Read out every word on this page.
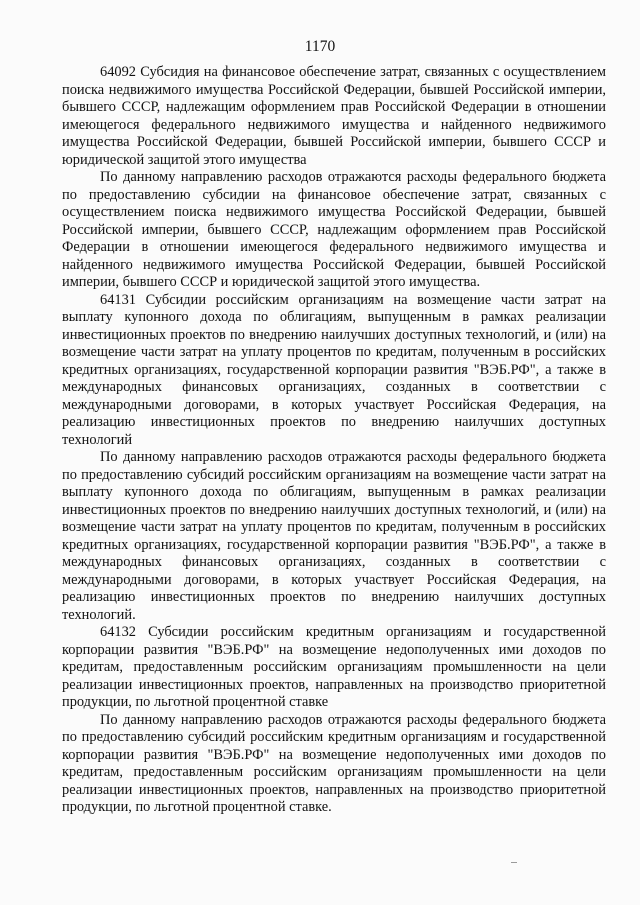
1170

64092 Субсидия на финансовое обеспечение затрат, связанных с осуществлением поиска недвижимого имущества Российской Федерации, бывшей Российской империи, бывшего СССР, надлежащим оформлением прав Российской Федерации в отношении имеющегося федерального недвижимого имущества и найденного недвижимого имущества Российской Федерации, бывшей Российской империи, бывшего СССР и юридической защитой этого имущества

По данному направлению расходов отражаются расходы федерального бюджета по предоставлению субсидии на финансовое обеспечение затрат, связанных с осуществлением поиска недвижимого имущества Российской Федерации, бывшей Российской империи, бывшего СССР, надлежащим оформлением прав Российской Федерации в отношении имеющегося федерального недвижимого имущества и найденного недвижимого имущества Российской Федерации, бывшей Российской империи, бывшего СССР и юридической защитой этого имущества.

64131 Субсидии российским организациям на возмещение части затрат на выплату купонного дохода по облигациям, выпущенным в рамках реализации инвестиционных проектов по внедрению наилучших доступных технологий, и (или) на возмещение части затрат на уплату процентов по кредитам, полученным в российских кредитных организациях, государственной корпорации развития "ВЭБ.РФ", а также в международных финансовых организациях, созданных в соответствии с международными договорами, в которых участвует Российская Федерация, на реализацию инвестиционных проектов по внедрению наилучших доступных технологий

По данному направлению расходов отражаются расходы федерального бюджета по предоставлению субсидий российским организациям на возмещение части затрат на выплату купонного дохода по облигациям, выпущенным в рамках реализации инвестиционных проектов по внедрению наилучших доступных технологий, и (или) на возмещение части затрат на уплату процентов по кредитам, полученным в российских кредитных организациях, государственной корпорации развития "ВЭБ.РФ", а также в международных финансовых организациях, созданных в соответствии с международными договорами, в которых участвует Российская Федерация, на реализацию инвестиционных проектов по внедрению наилучших доступных технологий.

64132 Субсидии российским кредитным организациям и государственной корпорации развития "ВЭБ.РФ" на возмещение недополученных ими доходов по кредитам, предоставленным российским организациям промышленности на цели реализации инвестиционных проектов, направленных на производство приоритетной продукции, по льготной процентной ставке

По данному направлению расходов отражаются расходы федерального бюджета по предоставлению субсидий российским кредитным организациям и государственной корпорации развития "ВЭБ.РФ" на возмещение недополученных ими доходов по кредитам, предоставленным российским организациям промышленности на цели реализации инвестиционных проектов, направленных на производство приоритетной продукции, по льготной процентной ставке.
